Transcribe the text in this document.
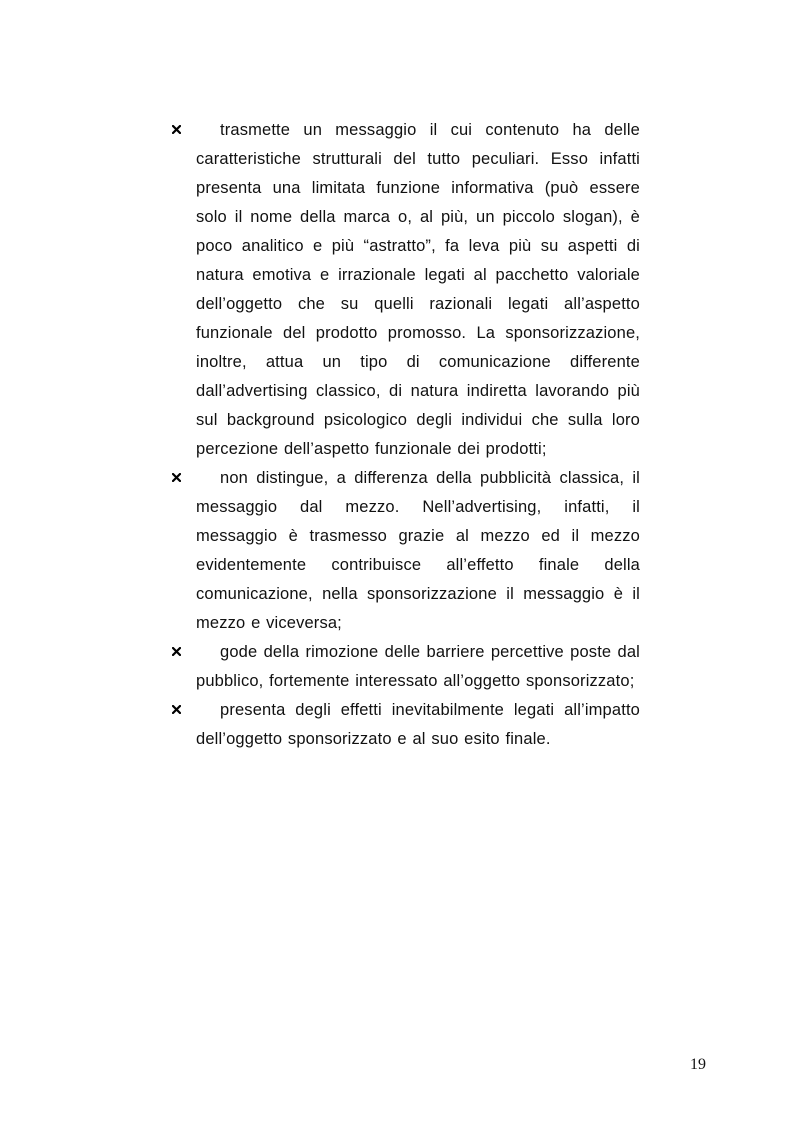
trasmette un messaggio il cui contenuto ha delle caratteristiche strutturali del tutto peculiari. Esso infatti presenta una limitata funzione informativa (può essere solo il nome della marca o, al più, un piccolo slogan), è poco analitico e più “astratto”, fa leva più su aspetti di natura emotiva e irrazionale legati al pacchetto valoriale dell’oggetto che su quelli razionali legati all’aspetto funzionale del prodotto promosso. La sponsorizzazione, inoltre, attua un tipo di comunicazione differente dall’advertising classico, di natura indiretta lavorando più sul background psicologico degli individui che sulla loro percezione dell’aspetto funzionale dei prodotti;

non distingue, a differenza della pubblicità classica, il messaggio dal mezzo. Nell’advertising, infatti, il messaggio è trasmesso grazie al mezzo ed il mezzo evidentemente contribuisce all’effetto finale della comunicazione, nella sponsorizzazione il messaggio è il mezzo e viceversa;

gode della rimozione delle barriere percettive poste dal pubblico, fortemente interessato all’oggetto sponsorizzato;

presenta degli effetti inevitabilmente legati all’impatto dell’oggetto sponsorizzato e al suo esito finale.

19
